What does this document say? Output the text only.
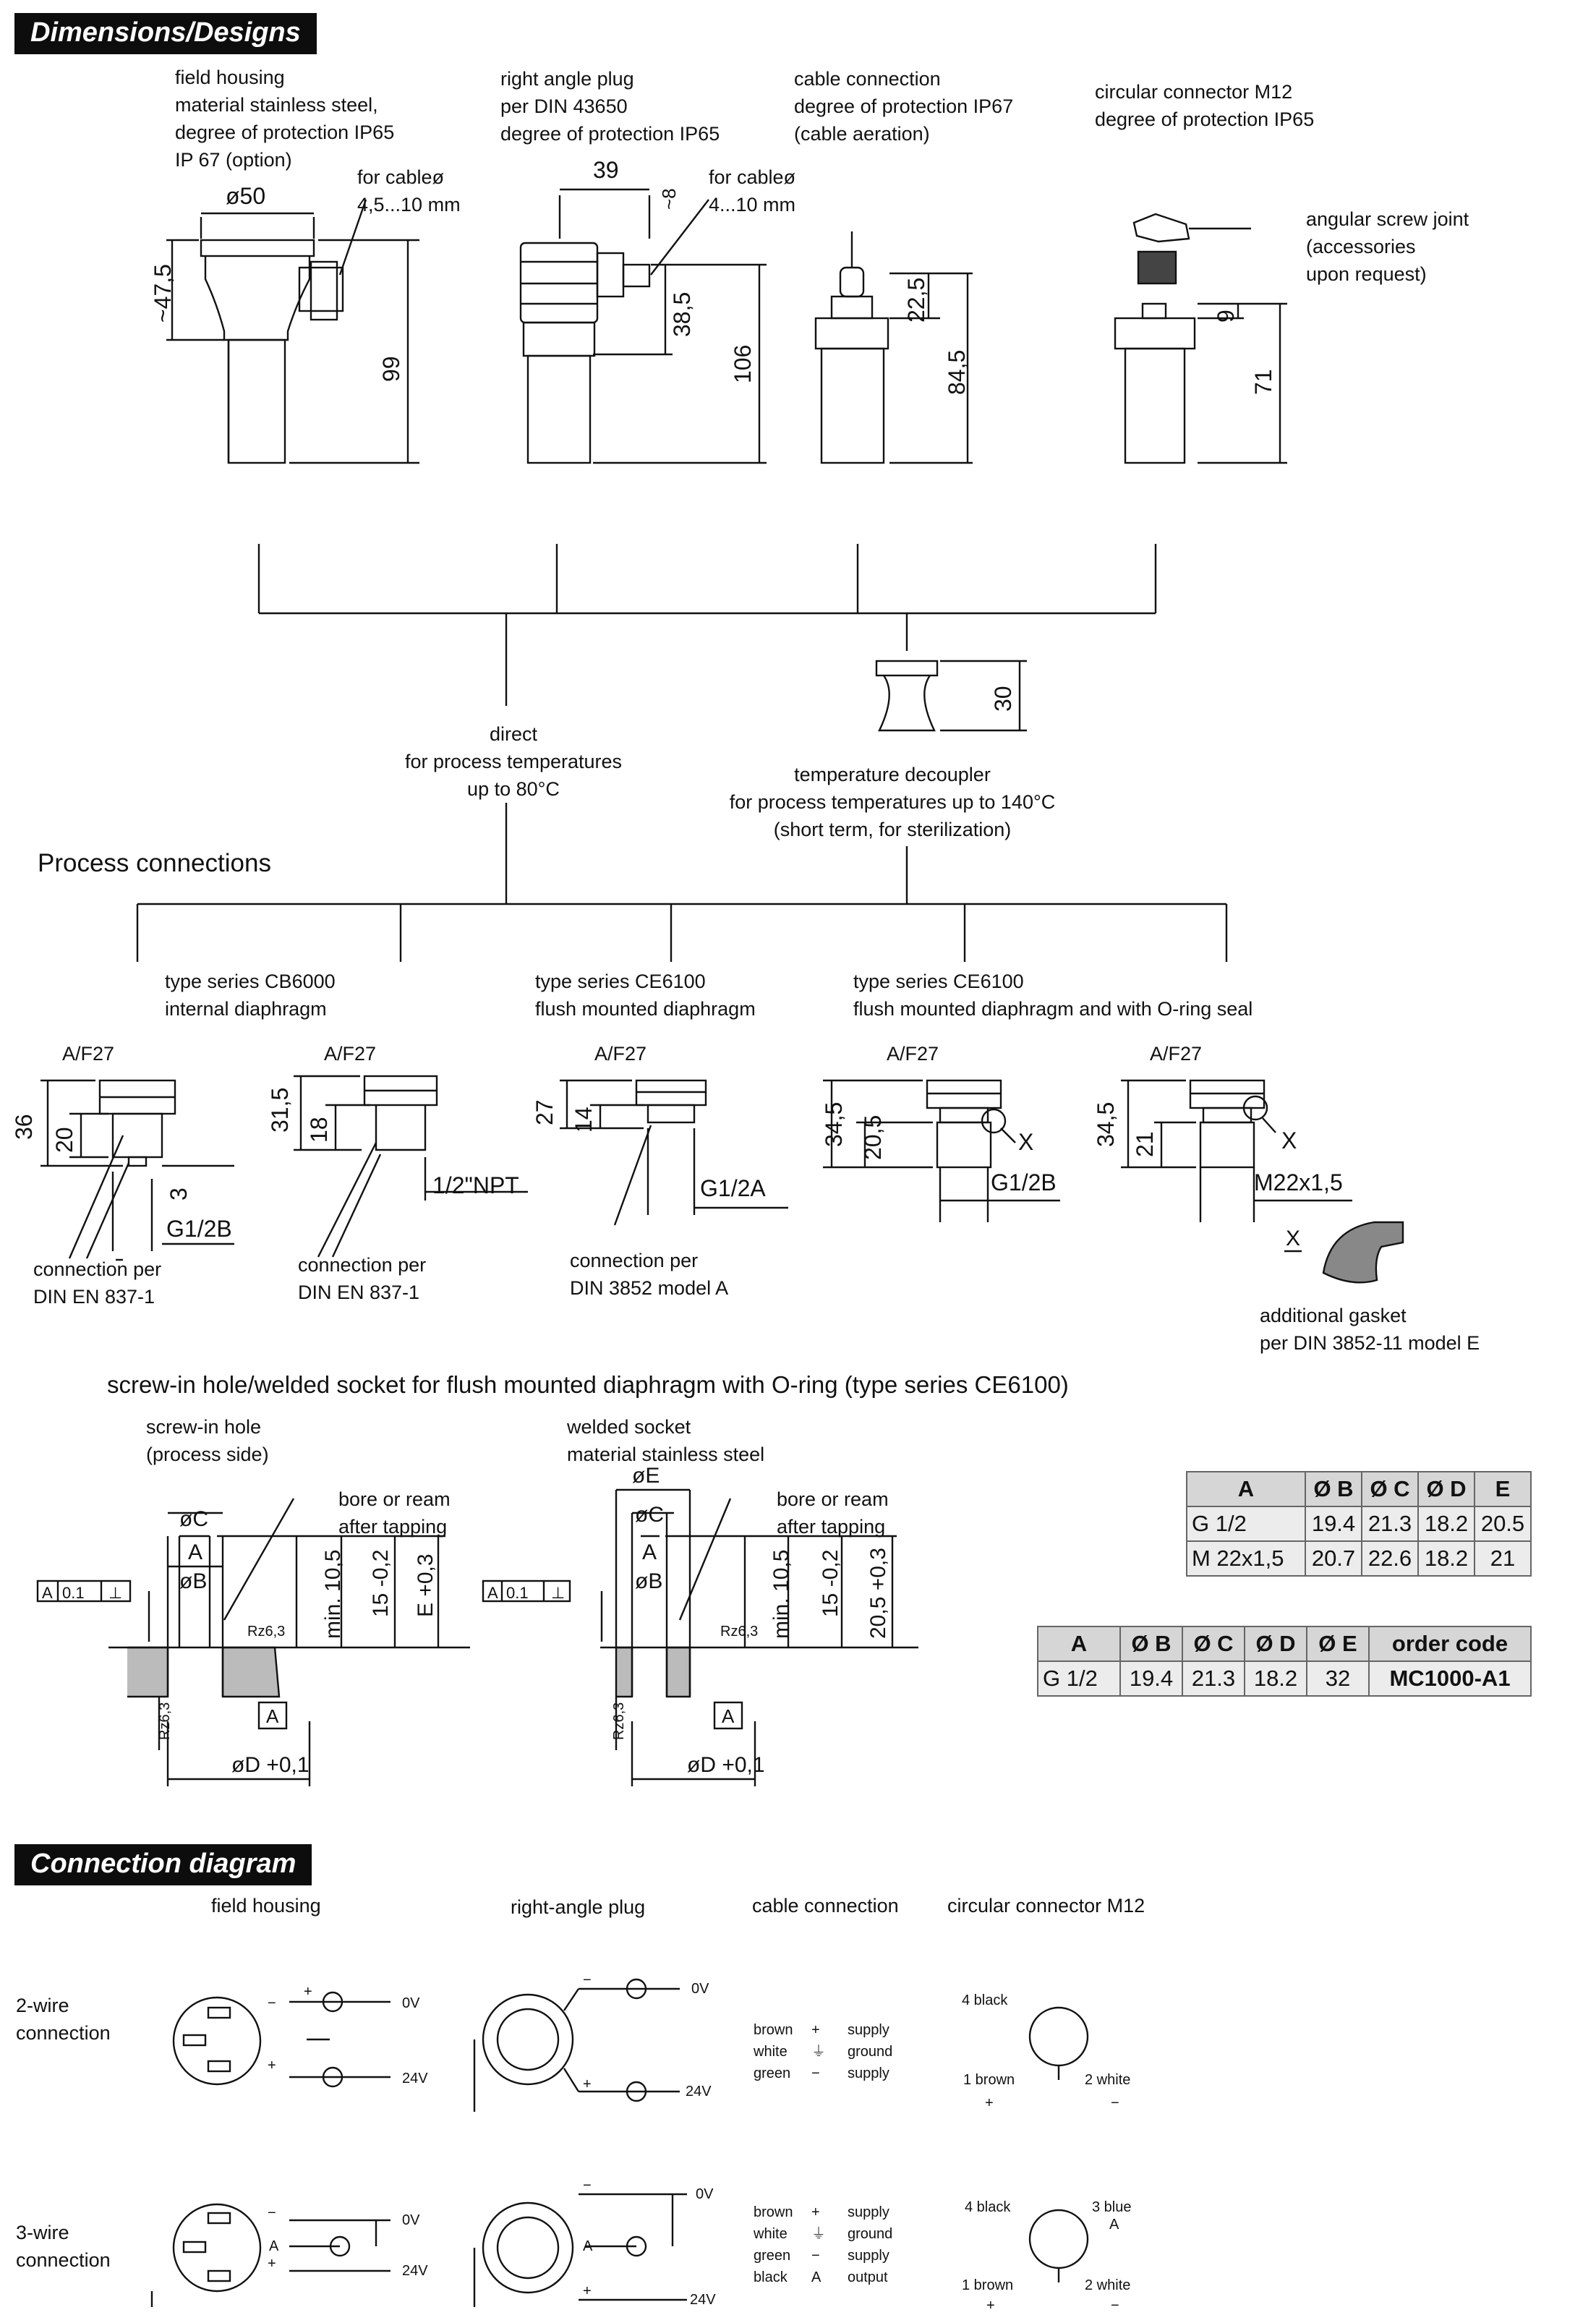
Dimensions/Designs
Connection diagram
field housing
material stainless steel,
degree of protection IP65
IP 67 (option)
for cableø
4,5...10 mm
right angle plug
per DIN 43650
degree of protection IP65
for cableø
4...10 mm
cable connection
degree of protection IP67
(cable aeration)
circular connector M12
degree of protection IP65
angular screw joint
(accessories
upon request)
direct
for process temperatures
up to 80°C
temperature decoupler
for process temperatures up to 140°C
(short term, for sterilization)
Process connections
type series CB6000
internal diaphragm
type series CE6100
flush mounted diaphragm
type series CE6100
flush mounted diaphragm and with O-ring seal
connection per
DIN EN 837-1
connection per
DIN EN 837-1
connection per
DIN 3852 model A
additional gasket
per DIN 3852-11 model E
screw-in hole/welded socket for flush mounted diaphragm with O-ring (type series CE6100)
screw-in hole
(process side)
welded socket
material stainless steel
bore or ream
after tapping
bore or ream
after tapping
A	Ø B	Ø C	Ø D	E
G 1/2	19.4	21.3	18.2	20.5
M 22x1,5	20.7	22.6	18.2	21
A	Ø B	Ø C	Ø D	Ø E	order code
G 1/2	19.4	21.3	18.2	32	MC1000-A1
field housing	right-angle plug	cable connection circular connector M12
2-wire
connection
3-wire
connection
brown + supply
white ⏚ ground
green − supply
brown + supply
white ⏚ ground
green − supply
black A output
ø50
~47,5
99
39
~8
38,5
106
22,5
84,5
9
71
30
A/F27
36
20
3
G1/2B
A/F27
31,5 18
1/2"NPT
A/F27
27 14
G1/2A
A/F27
34,5 20,5
G1/2B
X
A/F27
34,5 21
M22x1,5
X
X
øC
A
øB	min. 10,5 15 -0,2 E +0,3
Rz6,3
Rz6,3
A 0.1 ⊥
A
øD +0,1
øE
øC
A
øB	min. 10,5 15 -0,2 20,5 +0,3
Rz6,3
Rz6,3
A 0.1 ⊥
A
øD +0,1
0V
24V
+
−
+
0V
24V
−
+
4 black
1 brown	2 white
+	−
0V
24V
A
−
+
0V
24V
A
−
+
4 black	3 blue
A
1 brown	2 white
+	−
